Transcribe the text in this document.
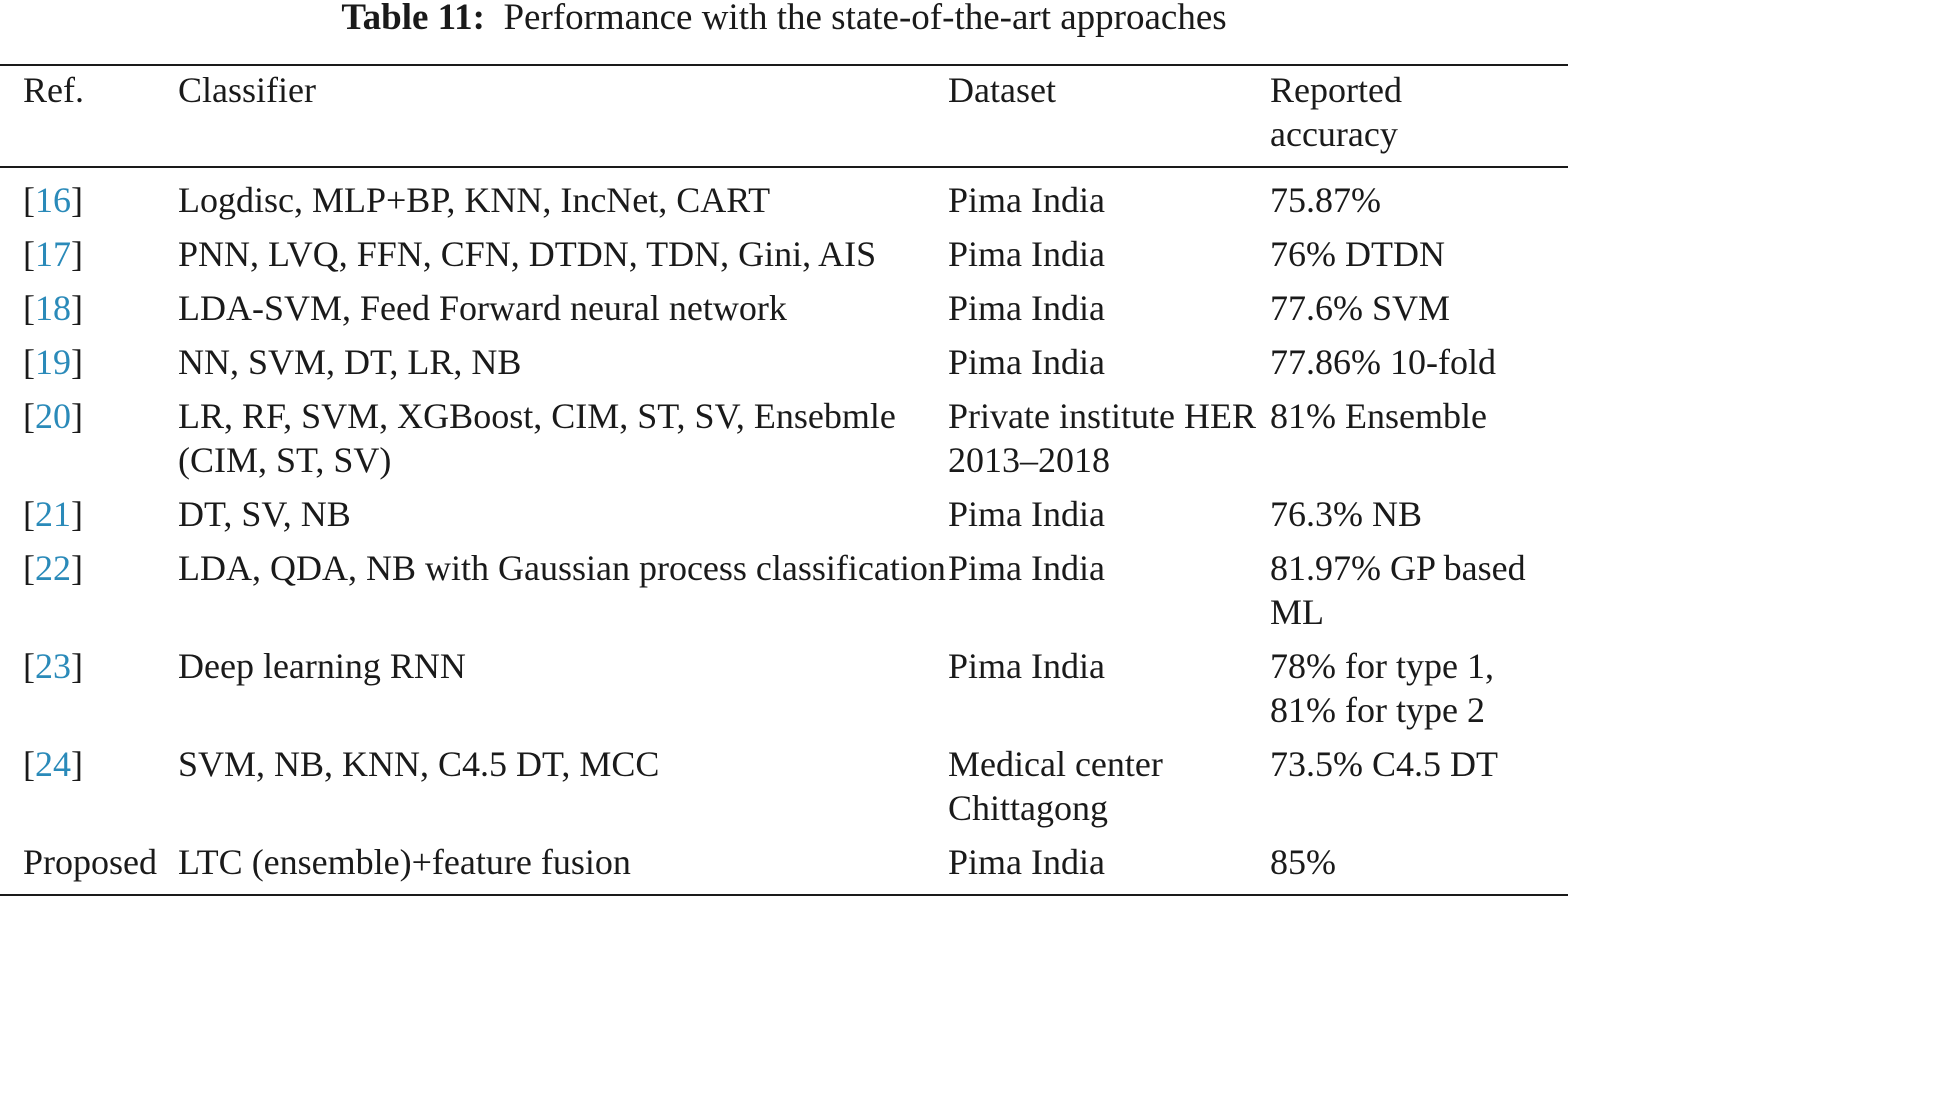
Table 11: Performance with the state-of-the-art approaches
Ref.	Classifier	Dataset	Reported
accuracy
[16]	Logdisc, MLP+BP, KNN, IncNet, CART	Pima India	75.87%
[17]	PNN, LVQ, FFN, CFN, DTDN, TDN, Gini, AIS	Pima India	76% DTDN
[18]	LDA-SVM, Feed Forward neural network	Pima India	77.6% SVM
[19]	NN, SVM, DT, LR, NB	Pima India	77.86% 10-fold
[20]	LR, RF, SVM, XGBoost, CIM, ST, SV, Ensebmle (CIM, ST, SV)	Private institute HER 2013–2018	81% Ensemble
[21]	DT, SV, NB	Pima India	76.3% NB
[22]	LDA, QDA, NB with Gaussian process classification	Pima India	81.97% GP based ML
[23]	Deep learning RNN	Pima India	78% for type 1, 81% for type 2
[24]	SVM, NB, KNN, C4.5 DT, MCC	Medical center Chittagong	73.5% C4.5 DT
Proposed	LTC (ensemble)+feature fusion	Pima India	85%
